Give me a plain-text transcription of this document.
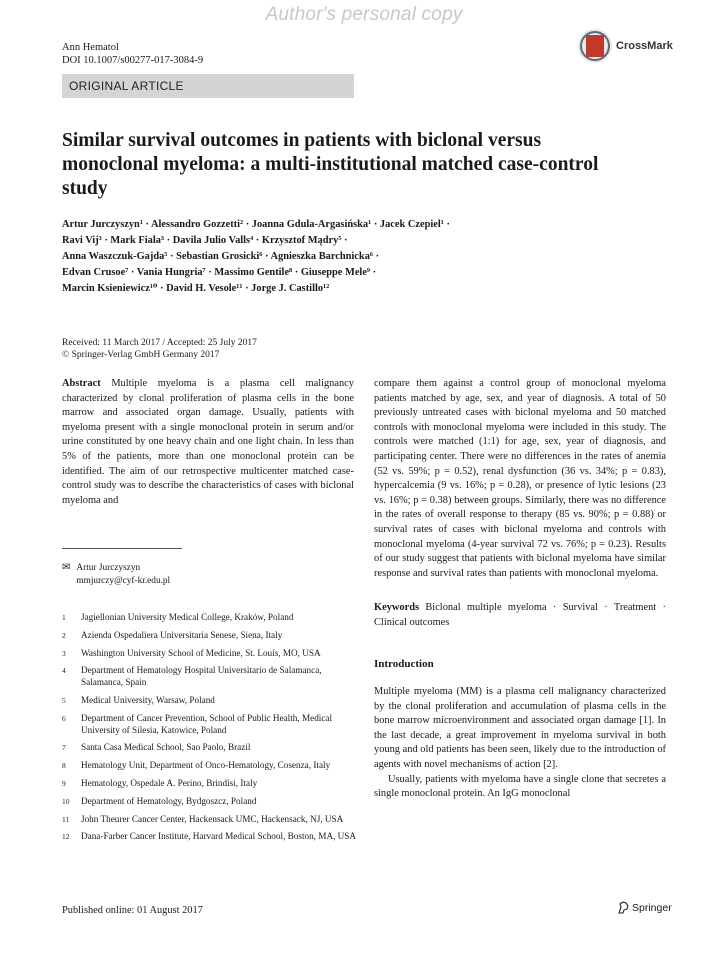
Author's personal copy
Ann Hematol
DOI 10.1007/s00277-017-3084-9
CrossMark
ORIGINAL ARTICLE
Similar survival outcomes in patients with biclonal versus monoclonal myeloma: a multi-institutional matched case-control study
Artur Jurczyszyn¹ · Alessandro Gozzetti² · Joanna Gdula-Argasińska¹ · Jacek Czepiel¹ ·
Ravi Vij³ · Mark Fiala³ · Davila Julio Valls⁴ · Krzysztof Mądry⁵ ·
Anna Waszczuk-Gajda⁵ · Sebastian Grosicki⁶ · Agnieszka Barchnicka⁶ ·
Edvan Crusoe⁷ · Vania Hungria⁷ · Massimo Gentile⁸ · Giuseppe Mele⁹ ·
Marcin Ksieniewicz¹⁰ · David H. Vesole¹¹ · Jorge J. Castillo¹²
Received: 11 March 2017 / Accepted: 25 July 2017
© Springer-Verlag GmbH Germany 2017

Abstract Multiple myeloma is a plasma cell malignancy characterized by clonal proliferation of plasma cells in the bone marrow and associated organ damage. Usually, patients with myeloma present with a single monoclonal protein in serum and/or urine constituted by one heavy chain and one light chain. In less than 5% of the patients, more than one monoclonal protein can be identified. The aim of our retrospective multicenter matched case-control study was to describe the characteristics of cases with biclonal myeloma and

compare them against a control group of monoclonal myeloma patients matched by age, sex, and year of diagnosis. A total of 50 previously untreated cases with biclonal myeloma and 50 matched controls with monoclonal myeloma were included in this study. The controls were matched (1:1) for age, sex, year of diagnosis, and participating center. There were no differences in the rates of anemia (52 vs. 59%; p = 0.52), renal dysfunction (36 vs. 34%; p = 0.83), hypercalcemia (9 vs. 16%; p = 0.28), or presence of lytic lesions (23 vs. 16%; p = 0.38) between groups. Similarly, there was no difference in the rates of overall response to therapy (85 vs. 90%; p = 0.88) or survival rates of cases with biclonal myeloma and controls with monoclonal myeloma (4-year survival 72 vs. 76%; p = 0.23). Results of our study suggest that patients with biclonal myeloma have similar response and survival rates than patients with monoclonal myeloma.

Keywords Biclonal multiple myeloma · Survival · Treatment · Clinical outcomes

Introduction

Multiple myeloma (MM) is a plasma cell malignancy characterized by the clonal proliferation and accumulation of plasma cells in the bone marrow microenvironment and associated organ damage [1]. In the last decade, a great improvement in myeloma survival in both young and old patients has been seen, likely due to the introduction of agents with novel mechanisms of action [2].

Usually, patients with myeloma have a single clone that secretes a single monoclonal protein. An IgG monoclonal

✉ Artur Jurczyszyn
mmjurczy@cyf-kr.edu.pl
1	Jagiellonian University Medical College, Kraków, Poland
2	Azienda Ospedaliera Universitaria Senese, Siena, Italy
3	Washington University School of Medicine, St. Louis, MO, USA
4	Department of Hematology Hospital Universitario de Salamanca, Salamanca, Spain
5	Medical University, Warsaw, Poland
6	Department of Cancer Prevention, School of Public Health, Medical University of Silesia, Katowice, Poland
7	Santa Casa Medical School, Sao Paolo, Brazil
8	Hematology Unit, Department of Onco-Hematology, Cosenza, Italy
9	Hematology, Ospedale A. Perino, Brindisi, Italy
10	Department of Hematology, Bydgoszcz, Poland
11	John Theurer Cancer Center, Hackensack UMC, Hackensack, NJ, USA
12	Dana-Farber Cancer Institute, Harvard Medical School, Boston, MA, USA
Published online: 01 August 2017	Springer
